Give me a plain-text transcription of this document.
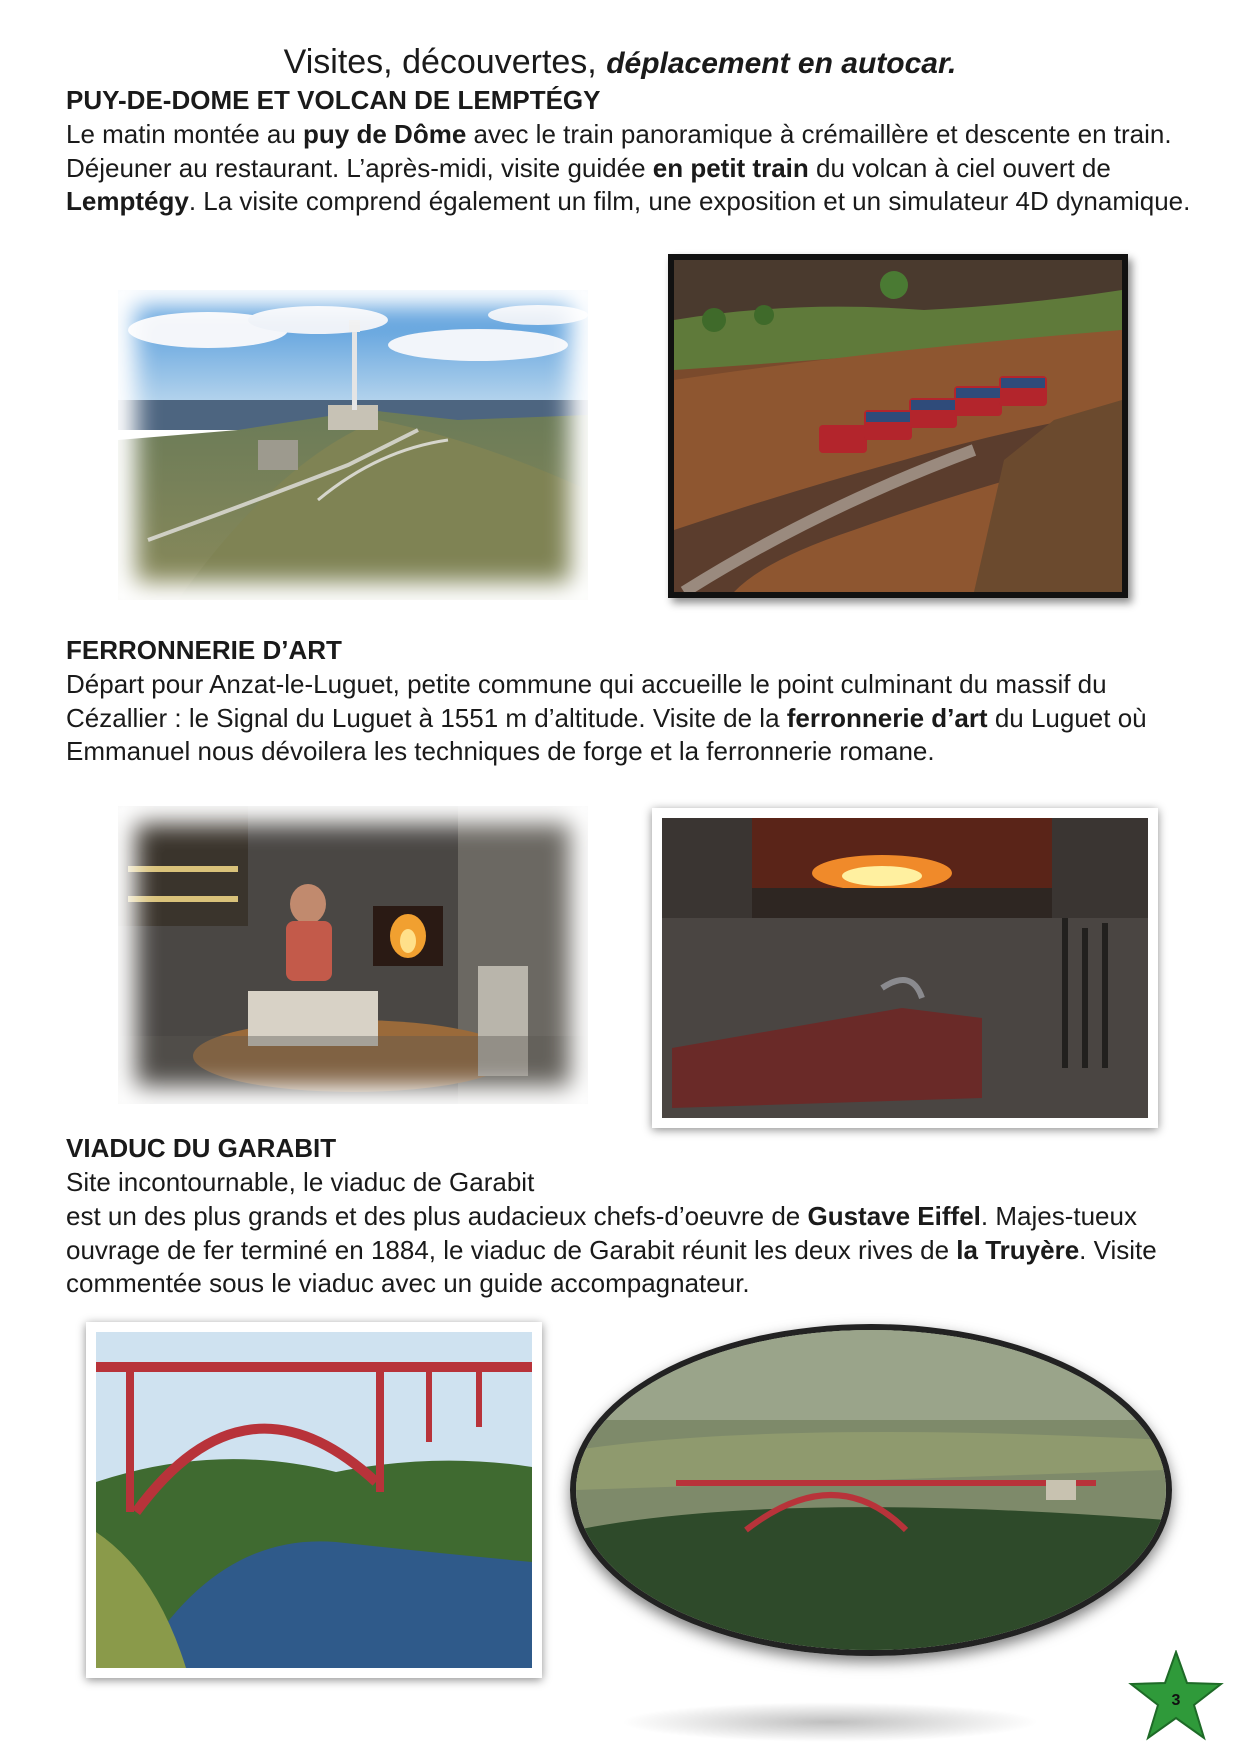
Visites, découvertes, déplacement en autocar.
PUY-DE-DOME ET VOLCAN DE LEMPTÉGY

Le matin montée au puy de Dôme avec le train panoramique à crémaillère et descente en train. Déjeuner au restaurant. L’après-midi, visite guidée en petit train du volcan à ciel ouvert de Lemptégy. La visite comprend également un film, une exposition et un simulateur 4D dynamique.

FERRONNERIE D’ART

Départ pour Anzat-le-Luguet, petite commune qui accueille le point culminant du massif du Cézallier : le Signal du Luguet à 1551 m d’altitude. Visite de la ferronnerie d’art du Luguet où Emmanuel nous dévoilera les techniques de forge et la ferronnerie romane.

VIADUC DU GARABIT

Site incontournable, le viaduc de Garabit

est un des plus grands et des plus audacieux chefs-d’oeuvre de Gustave Eiffel. Majes-tueux ouvrage de fer terminé en 1884, le viaduc de Garabit réunit les deux rives de la Truyère. Visite commentée sous le viaduc avec un guide accompagnateur.

3
